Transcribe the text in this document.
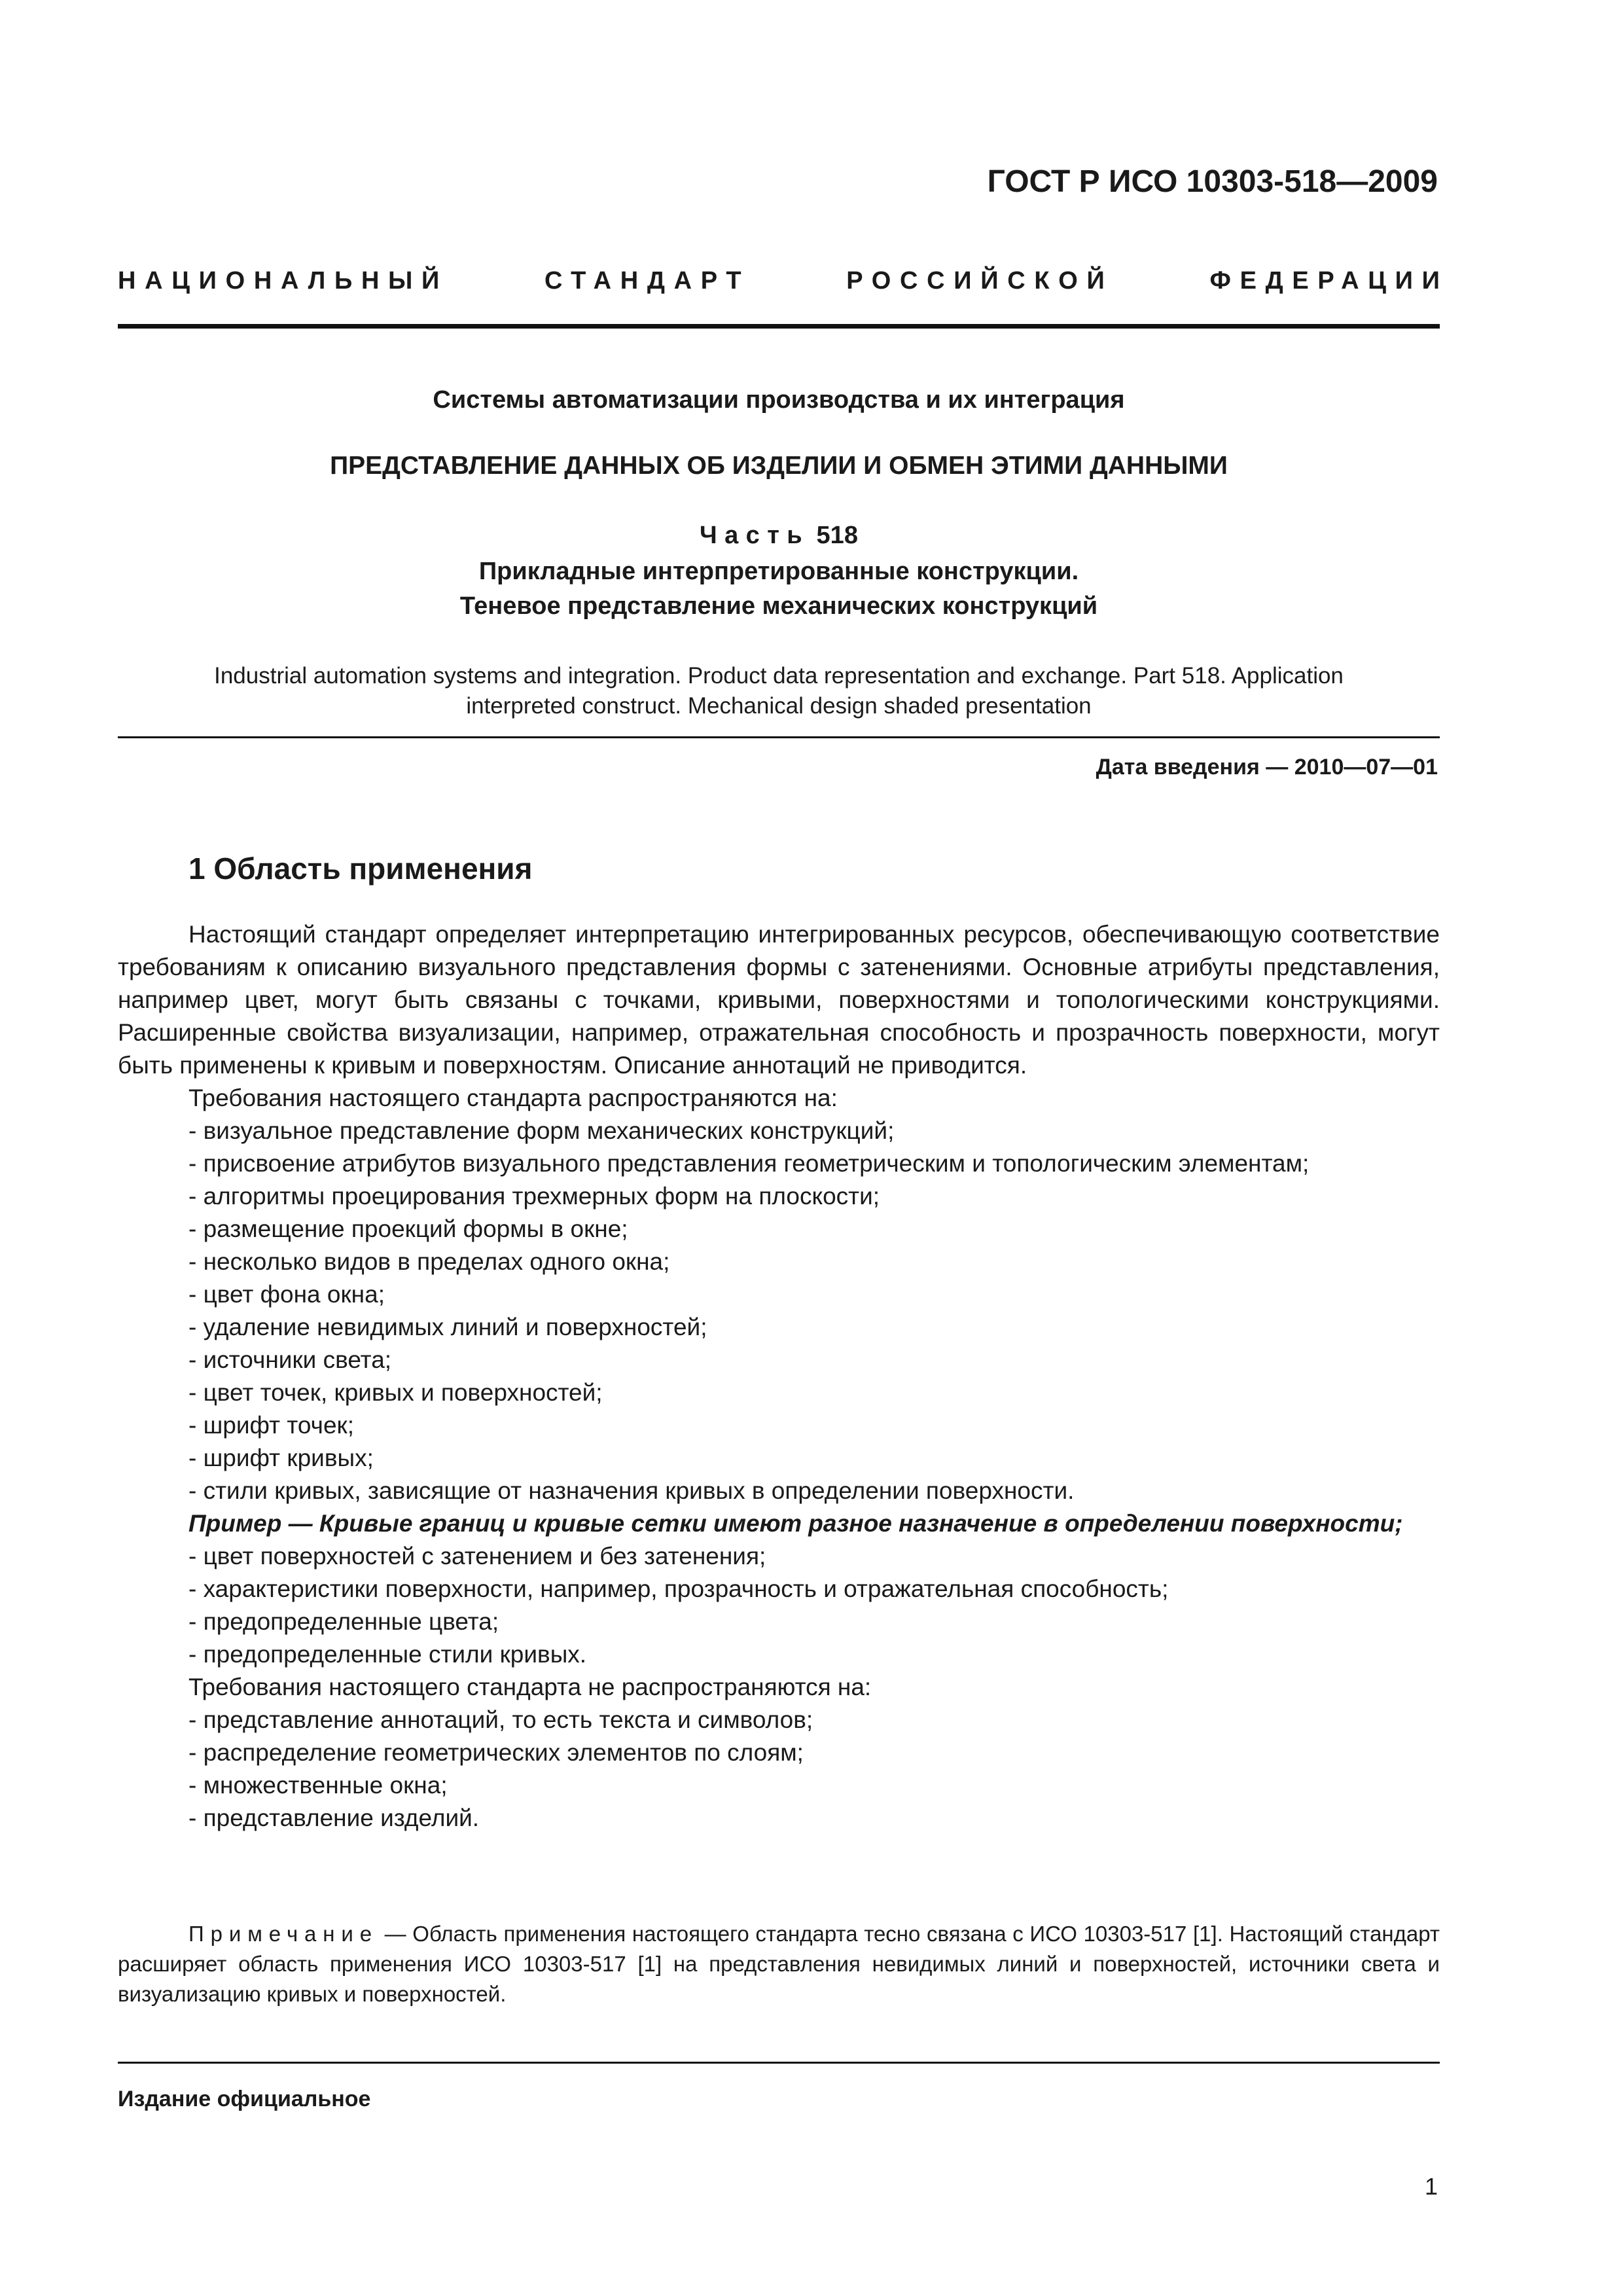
ГОСТ Р ИСО 10303-518—2009
НАЦИОНАЛЬНЫЙ	СТАНДАРТ	РОССИЙСКОЙ	ФЕДЕРАЦИИ
Системы автоматизации производства и их интеграция
ПРЕДСТАВЛЕНИЕ ДАННЫХ ОБ ИЗДЕЛИИ И ОБМЕН ЭТИМИ ДАННЫМИ
Часть 518
Прикладные интерпретированные конструкции.
Теневое представление механических конструкций
Industrial automation systems and integration. Product data representation and exchange. Part 518. Application
interpreted construct. Mechanical design shaded presentation
Дата введения — 2010—07—01
1 Область применения

Настоящий стандарт определяет интерпретацию интегрированных ресурсов, обеспечивающую соответствие требованиям к описанию визуального представления формы с затенениями. Основные атрибуты представления, например цвет, могут быть связаны с точками, кривыми, поверхностями и топологическими конструкциями. Расширенные свойства визуализации, например, отражательная способность и прозрачность поверхности, могут быть применены к кривым и поверхностям. Описание аннотаций не приводится.

Требования настоящего стандарта распространяются на:

- визуальное представление форм механических конструкций;

- присвоение атрибутов визуального представления геометрическим и топологическим элементам;

- алгоритмы проецирования трехмерных форм на плоскости;

- размещение проекций формы в окне;

- несколько видов в пределах одного окна;

- цвет фона окна;

- удаление невидимых линий и поверхностей;

- источники света;

- цвет точек, кривых и поверхностей;

- шрифт точек;

- шрифт кривых;

- стили кривых, зависящие от назначения кривых в определении поверхности.

Пример — Кривые границ и кривые сетки имеют разное назначение в определении поверхности;

- цвет поверхностей с затенением и без затенения;

- характеристики поверхности, например, прозрачность и отражательная способность;

- предопределенные цвета;

- предопределенные стили кривых.

Требования настоящего стандарта не распространяются на:

- представление аннотаций, то есть текста и символов;

- распределение геометрических элементов по слоям;

- множественные окна;

- представление изделий.

Примечание — Область применения настоящего стандарта тесно связана с ИСО 10303-517 [1]. Настоящий стандарт расширяет область применения ИСО 10303-517 [1] на представления невидимых линий и поверхностей, источники света и визуализацию кривых и поверхностей.
Издание официальное
1
